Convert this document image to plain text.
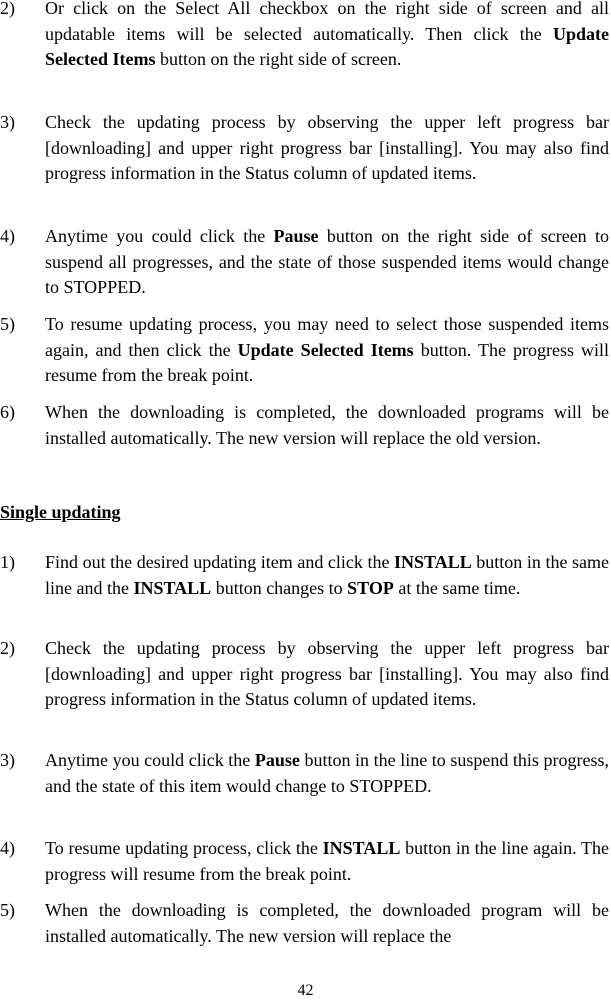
2) Or click on the Select All checkbox on the right side of screen and all updatable items will be selected automatically. Then click the Update Selected Items button on the right side of screen.
3) Check the updating process by observing the upper left progress bar [downloading] and upper right progress bar [installing]. You may also find progress information in the Status column of updated items.
4) Anytime you could click the Pause button on the right side of screen to suspend all progresses, and the state of those suspended items would change to STOPPED.
5) To resume updating process, you may need to select those suspended items again, and then click the Update Selected Items button. The progress will resume from the break point.
6) When the downloading is completed, the downloaded programs will be installed automatically. The new version will replace the old version.
Single updating
1) Find out the desired updating item and click the INSTALL button in the same line and the INSTALL button changes to STOP at the same time.
2) Check the updating process by observing the upper left progress bar [downloading] and upper right progress bar [installing]. You may also find progress information in the Status column of updated items.
3) Anytime you could click the Pause button in the line to suspend this progress, and the state of this item would change to STOPPED.
4) To resume updating process, click the INSTALL button in the line again. The progress will resume from the break point.
5) When the downloading is completed, the downloaded program will be installed automatically. The new version will replace the
42
